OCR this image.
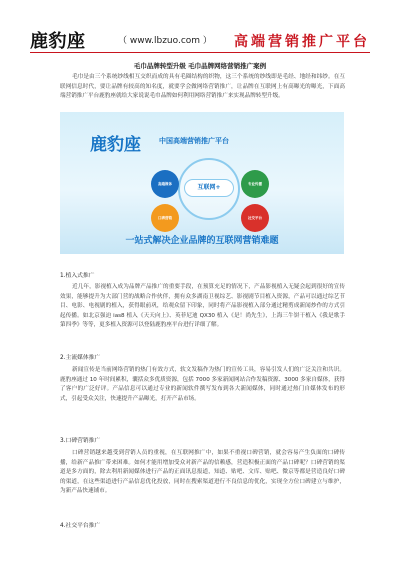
鹿豹座	（ www.lbzuo.com ） 高端营销推广平台
毛巾品牌转型升级 毛巾品牌网络营销推广案例

毛巾是由三个系统纱线相互交织而成的具有毛圈结构的织物，这三个系统的纱线即是毛经、地经和纬纱。在互联网信息时代，要让品牌有较高的知名度，就要学会做网络营销推广，让品牌在互联网上有高曝光的曝光，下面高端营销推广平台鹿豹座就给大家说说毛巾品牌如何利用网络营销推广来实现品牌转型升级。

鹿豹座	中国高端营销推广平台
高端媒体
口碑营销
专业传播
社交平台
互联网+
一站式解决企业品牌的互联网营销难题
1.植入式推广

近几年，影视植入成为品牌产品推广的重要手段，在预算充足的情况下，产品影视植入无疑会起到很好的宣传效果，能够提升为大部门营的战略合作伙伴，拥有众多湖南卫视综艺、影视剧节目植入资源，产品可以通过综艺节目、电影、电视剧的植入，获得眼前巩，给观众留下印象，同时将产品影视植入部分通过精剪成新闻炒作的方式引起传播。如北京强迫 ias8 植入《天天向上》、英菲尼迪 QX30 植入《是！尚先生》，上海三牛饼干植入《我是歌手第四季》等等，更多植入资源可以登陆鹿豹座平台进行详细了解。

2.主流媒体推广

新闻宣传是当前网络营销的热门有效方式，软文发稿作为热门的宣传工具，容易引发人们的广泛关注和共识。鹿豹座通过 10 年时间累积，囊括众多优质资源，包括 7000 多家新闻网站合作发稿资源、3000 多家自媒体，获得了客户的广泛好评。产品信息可以通过专业的新闻软件撰写发布到各大新闻媒体，同时通过热门自媒体发布的形式，引起受众关注，快速提升产品曝光，打开产品市场。

3.口碑营销推广

口碑营销越来越受到营销人员的重视，在互联网推广中，如果不重视口碑营销，就会容易产生负面的口碑传播，给新产品推广带来困难。如何才能用增加受众对新产品的信赖感，营造积极正面的产品口碑呢？口碑营销的渠道是多方面的，除去利用新闻媒体进行产品的正面讯息报道，知道、贴吧、文库、贴吧、微京等都是营造良好口碑的渠道，在这些渠道进行产品信息优化投放，同时在搜索渠道进行不良信息的优化，实现全方位口碑建立与维护，为新产品快速铺市。

4.社交平台推广
